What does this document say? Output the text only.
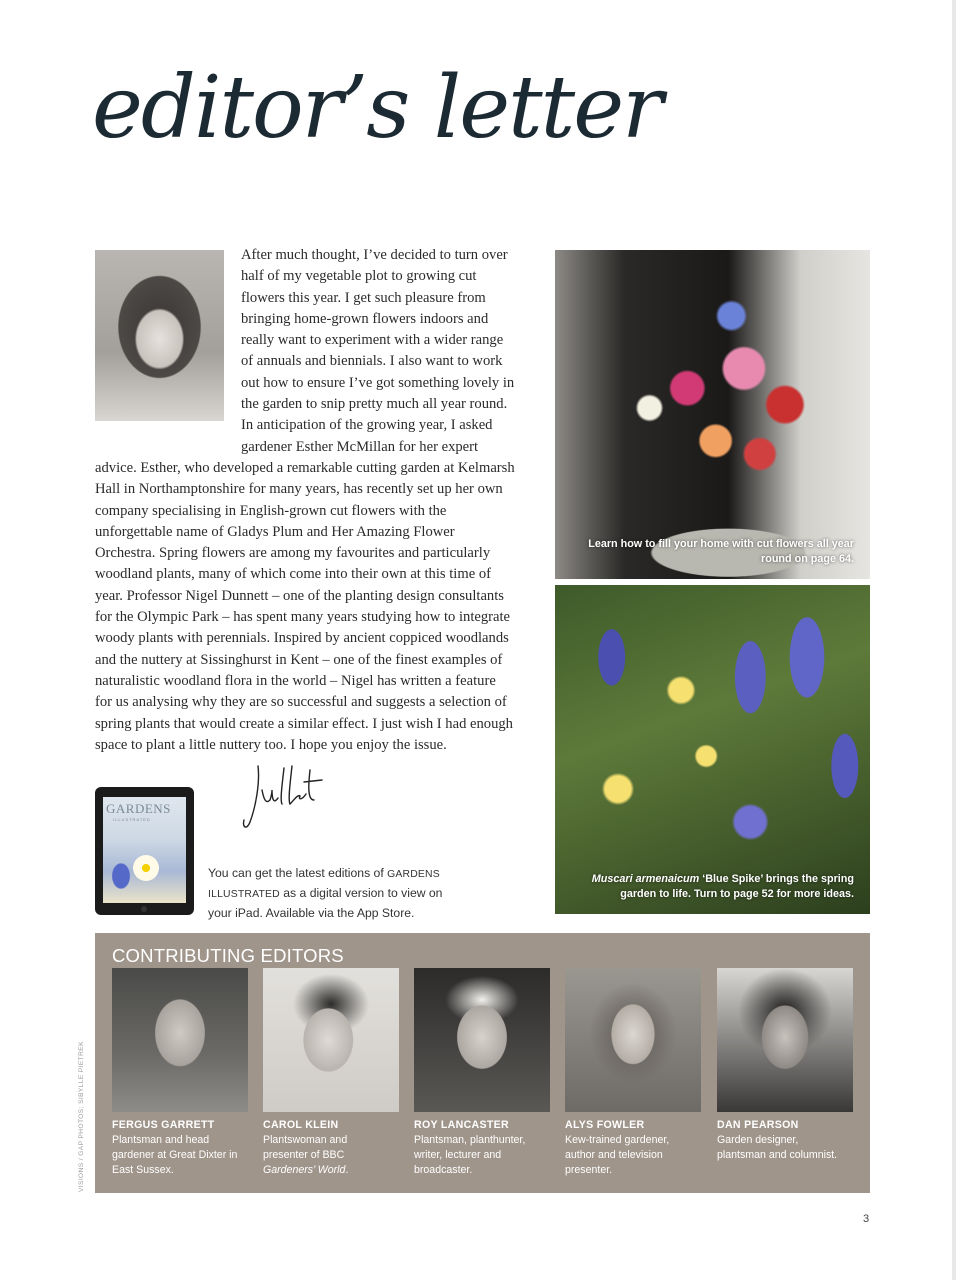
editor’s letter

After much thought, I’ve decided to turn over half of my vegetable plot to growing cut flowers this year. I get such pleasure from bringing home-grown flowers indoors and really want to experiment with a wider range of annuals and biennials. I also want to work out how to ensure I’ve got something lovely in the garden to snip pretty much all year round. In anticipation of the growing year, I asked gardener Esther McMillan for her expert advice. Esther, who developed a remarkable cutting garden at Kelmarsh Hall in Northamptonshire for many years, has recently set up her own company specialising in English-grown cut flowers with the unforgettable name of Gladys Plum and Her Amazing Flower Orchestra. Spring flowers are among my favourites and particularly woodland plants, many of which come into their own at this time of year. Professor Nigel Dunnett – one of the planting design consultants for the Olympic Park – has spent many years studying how to integrate woody plants with perennials. Inspired by ancient coppiced woodlands and the nuttery at Sissinghurst in Kent – one of the finest examples of naturalistic woodland flora in the world – Nigel has written a feature for us analysing why they are so successful and suggests a selection of spring plants that would create a similar effect. I just wish I had enough space to plant a little nuttery too. I hope you enjoy the issue.

GARDENS
ILLUSTRATED

You can get the latest editions of GARDENS ILLUSTRATED as a digital version to view on your iPad. Available via the App Store.

Learn how to fill your home with cut flowers all year round on page 64.

Muscari armenaicum ‘Blue Spike’ brings the spring garden to life. Turn to page 52 for more ideas.

CONTRIBUTING EDITORS

FERGUS GARRETT

Plantsman and head gardener at Great Dixter in East Sussex.

CAROL KLEIN

Plantswoman and presenter of BBC Gardeners’ World.

ROY LANCASTER

Plantsman, planthunter, writer, lecturer and broadcaster.

ALYS FOWLER

Kew-trained gardener, author and television presenter.

DAN PEARSON

Garden designer, plantsman and columnist.

VISIONS / GAP PHOTOS; SIBYLLE PIETREK

3
